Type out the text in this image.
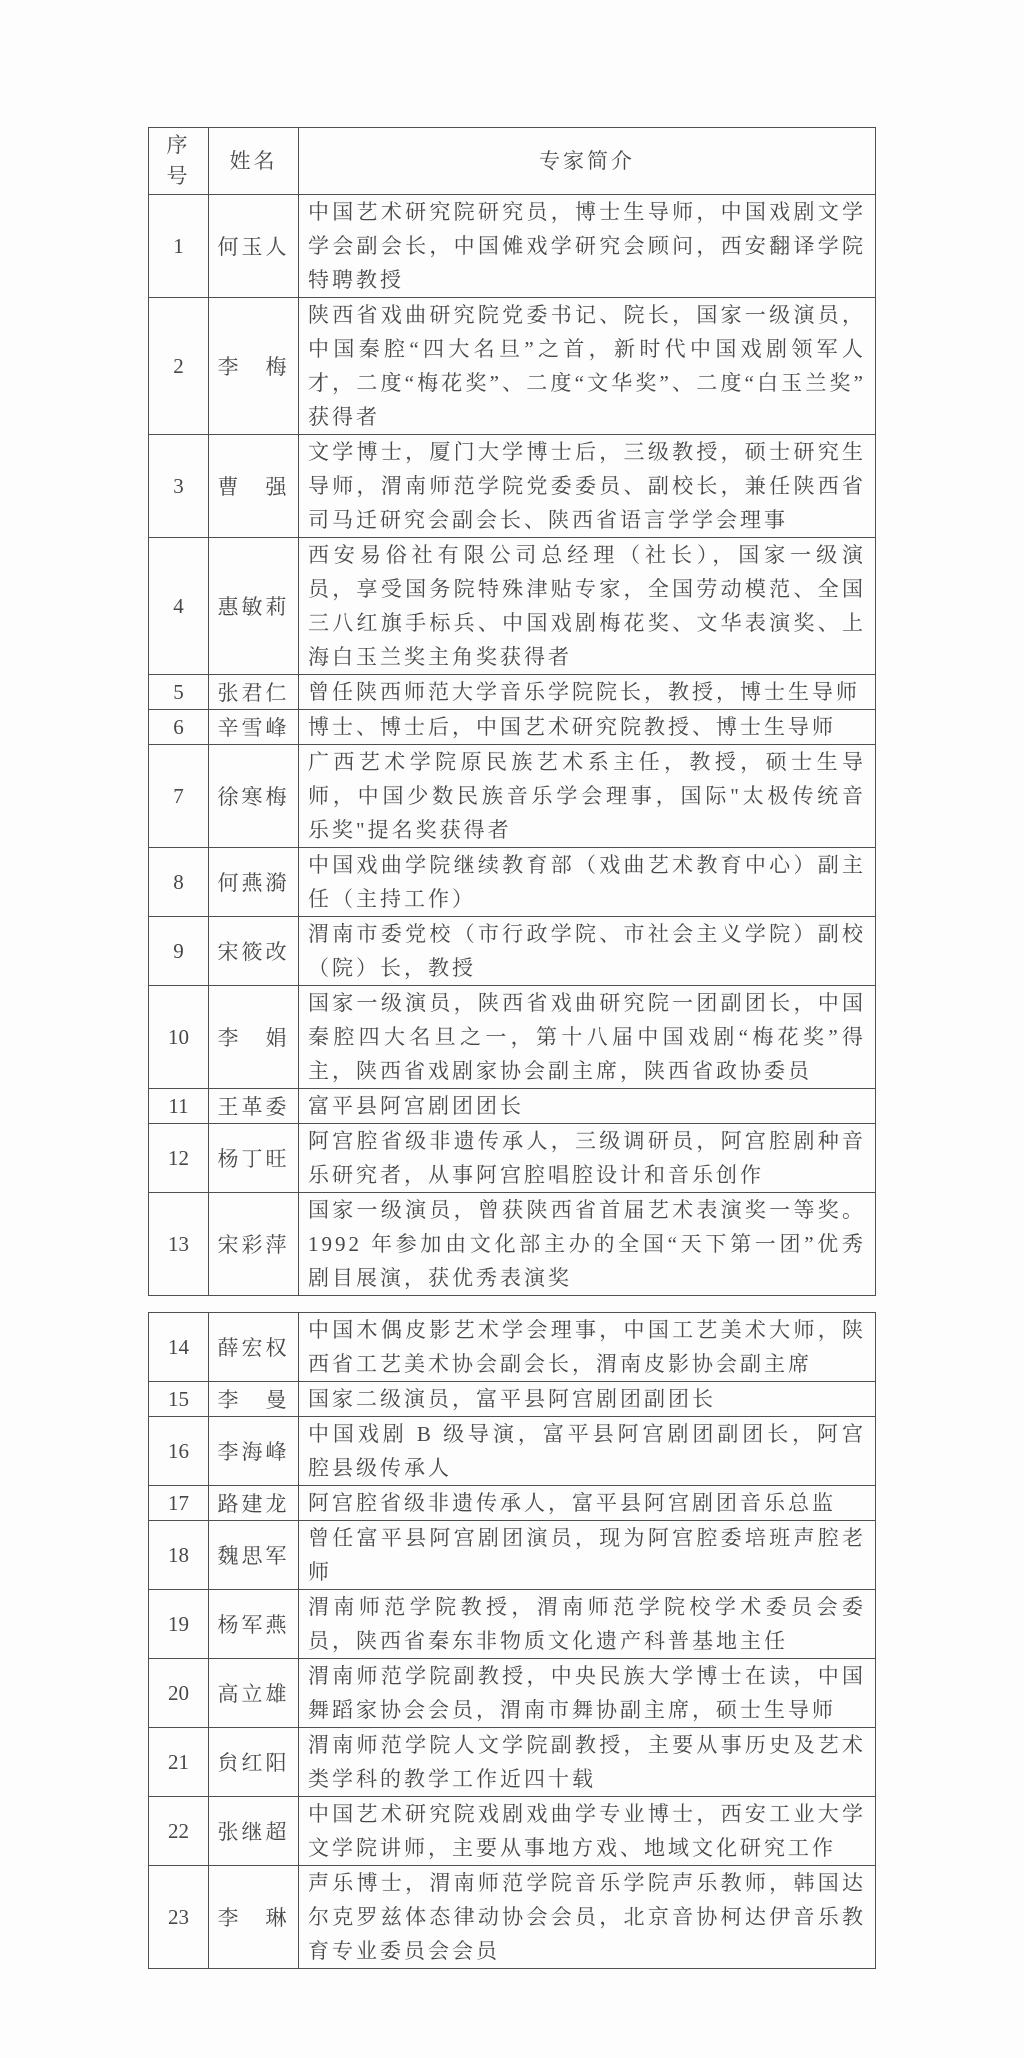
序
号	姓名	专家简介
1	何玉人	中国艺术研究院研究员，博士生导师，中国戏剧文学学会副会长，中国傩戏学研究会顾问，西安翻译学院特聘教授
2	李　梅	陕西省戏曲研究院党委书记、院长，国家一级演员，中国秦腔“四大名旦”之首，新时代中国戏剧领军人才，二度“梅花奖”、二度“文华奖”、二度“白玉兰奖”获得者
3	曹　强	文学博士，厦门大学博士后，三级教授，硕士研究生导师，渭南师范学院党委委员、副校长，兼任陕西省司马迁研究会副会长、陕西省语言学学会理事
4	惠敏莉	西安易俗社有限公司总经理（社长），国家一级演员，享受国务院特殊津贴专家，全国劳动模范、全国三八红旗手标兵、中国戏剧梅花奖、文华表演奖、上海白玉兰奖主角奖获得者
5	张君仁	曾任陕西师范大学音乐学院院长，教授，博士生导师
6	辛雪峰	博士、博士后，中国艺术研究院教授、博士生导师
7	徐寒梅	广西艺术学院原民族艺术系主任，教授，硕士生导师，中国少数民族音乐学会理事，国际"太极传统音乐奖"提名奖获得者
8	何燕漪	中国戏曲学院继续教育部（戏曲艺术教育中心）副主任（主持工作）
9	宋筱改	渭南市委党校（市行政学院、市社会主义学院）副校（院）长，教授
10	李　娟	国家一级演员，陕西省戏曲研究院一团副团长，中国秦腔四大名旦之一，第十八届中国戏剧“梅花奖”得主，陕西省戏剧家协会副主席，陕西省政协委员
11	王革委	富平县阿宫剧团团长
12	杨丁旺	阿宫腔省级非遗传承人，三级调研员，阿宫腔剧种音乐研究者，从事阿宫腔唱腔设计和音乐创作
13	宋彩萍	国家一级演员，曾获陕西省首届艺术表演奖一等奖。1992 年参加由文化部主办的全国“天下第一团”优秀剧目展演，获优秀表演奖
14	薛宏权	中国木偶皮影艺术学会理事，中国工艺美术大师，陕西省工艺美术协会副会长，渭南皮影协会副主席
15	李　曼	国家二级演员，富平县阿宫剧团副团长
16	李海峰	中国戏剧 B 级导演，富平县阿宫剧团副团长，阿宫腔县级传承人
17	路建龙	阿宫腔省级非遗传承人，富平县阿宫剧团音乐总监
18	魏思军	曾任富平县阿宫剧团演员，现为阿宫腔委培班声腔老师
19	杨军燕	渭南师范学院教授，渭南师范学院校学术委员会委员，陕西省秦东非物质文化遗产科普基地主任
20	高立雄	渭南师范学院副教授，中央民族大学博士在读，中国舞蹈家协会会员，渭南市舞协副主席，硕士生导师
21	贠红阳	渭南师范学院人文学院副教授，主要从事历史及艺术类学科的教学工作近四十载
22	张继超	中国艺术研究院戏剧戏曲学专业博士，西安工业大学文学院讲师，主要从事地方戏、地域文化研究工作
23	李　琳	声乐博士，渭南师范学院音乐学院声乐教师，韩国达尔克罗兹体态律动协会会员，北京音协柯达伊音乐教育专业委员会会员
